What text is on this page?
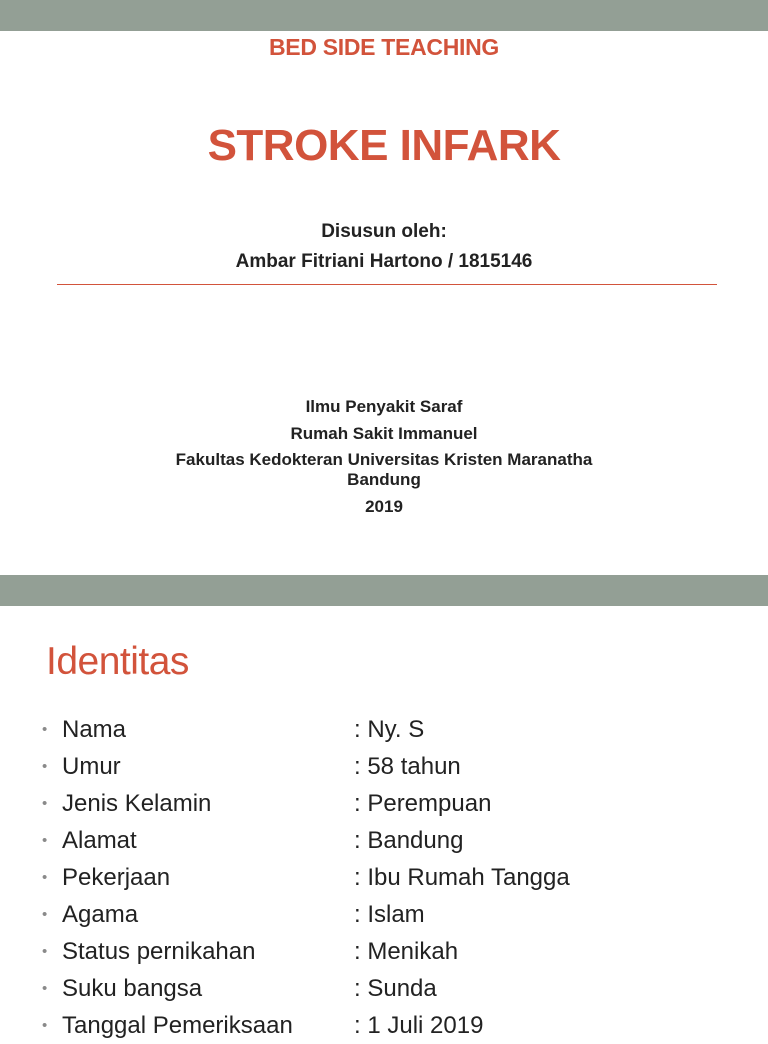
BED SIDE TEACHING
STROKE INFARK
Disusun oleh:
Ambar Fitriani Hartono / 1815146
Ilmu Penyakit Saraf
Rumah Sakit Immanuel
Fakultas Kedokteran Universitas Kristen Maranatha
Bandung
2019
Identitas
• Nama	: Ny. S
• Umur	: 58 tahun
• Jenis Kelamin	: Perempuan
• Alamat	: Bandung
• Pekerjaan	: Ibu Rumah Tangga
• Agama	: Islam
• Status pernikahan	: Menikah
• Suku bangsa	: Sunda
• Tanggal Pemeriksaan	: 1 Juli 2019
